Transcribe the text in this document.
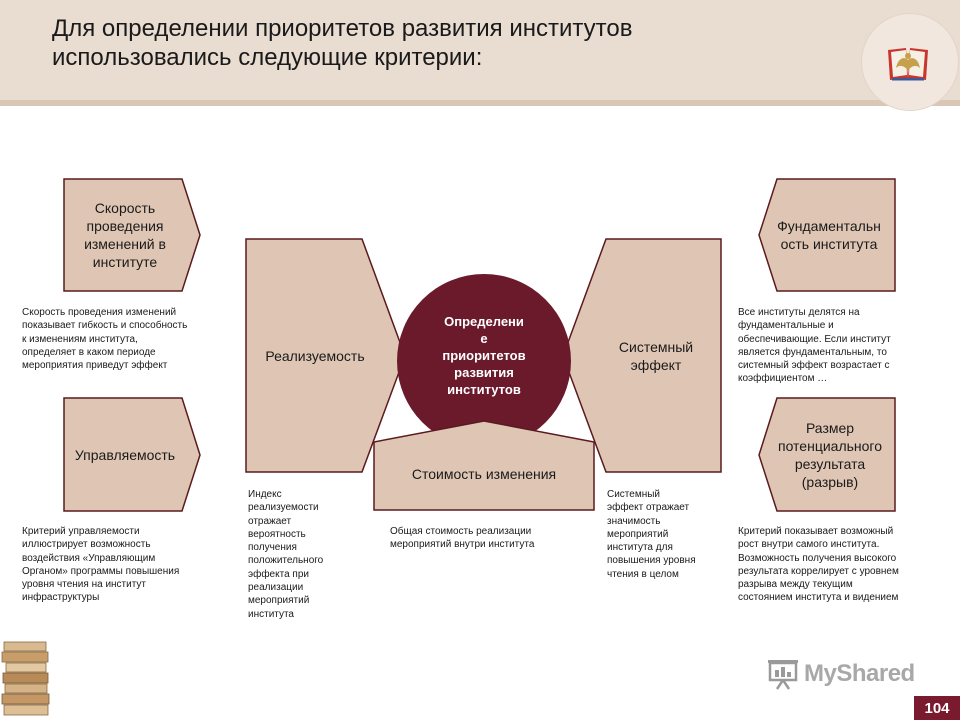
Для определении приоритетов развития институтов
использовались следующие критерии:
Скорость
проведения
изменений в
институте
Управляемость
Фундаментальн
ость института
Размер
потенциального
результата
(разрыв)
Реализуемость
Системный
эффект
Определени
е
приоритетов
развития
институтов
Стоимость изменения
Скорость проведения изменений
показывает гибкость и способность
к изменениям института,
определяет в каком периоде
мероприятия приведут эффект
Критерий управляемости
иллюстрирует возможность
воздействия «Управляющим
Органом» программы повышения
уровня чтения на институт
инфраструктуры
Индекс
реализуемости
отражает
вероятность
получения
положительного
эффекта при
реализации
мероприятий
института
Общая стоимость реализации
мероприятий внутри института
Системный
эффект отражает
значимость
мероприятий
института для
повышения уровня
чтения в целом
Все институты делятся на
фундаментальные и
обеспечивающие. Если институт
является фундаментальным, то
системный эффект возрастает с
коэффициентом …
Критерий показывает возможный
рост внутри самого института.
Возможность получения высокого
результата коррелирует с уровнем
разрыва между текущим
состоянием института и видением
MyShared
104
